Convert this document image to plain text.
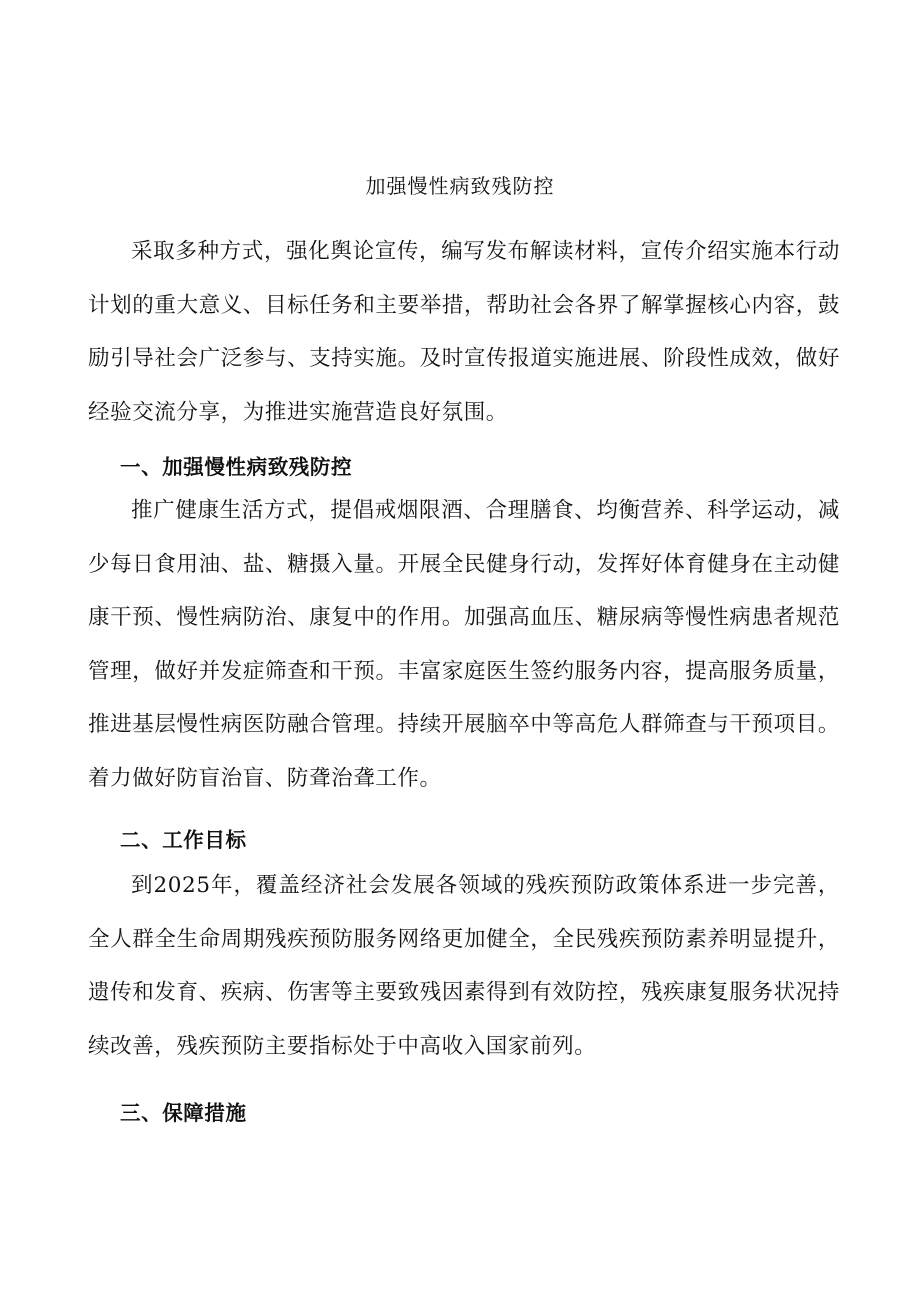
加强慢性病致残防控

采取多种方式，强化舆论宣传，编写发布解读材料，宣传介绍实施本行动计划的重大意义、目标任务和主要举措，帮助社会各界了解掌握核心内容，鼓励引导社会广泛参与、支持实施。及时宣传报道实施进展、阶段性成效，做好经验交流分享，为推进实施营造良好氛围。

一、加强慢性病致残防控

推广健康生活方式，提倡戒烟限酒、合理膳食、均衡营养、科学运动，减少每日食用油、盐、糖摄入量。开展全民健身行动，发挥好体育健身在主动健康干预、慢性病防治、康复中的作用。加强高血压、糖尿病等慢性病患者规范管理，做好并发症筛查和干预。丰富家庭医生签约服务内容，提高服务质量，推进基层慢性病医防融合管理。持续开展脑卒中等高危人群筛查与干预项目。着力做好防盲治盲、防聋治聋工作。

二、工作目标

到2025年，覆盖经济社会发展各领域的残疾预防政策体系进一步完善，全人群全生命周期残疾预防服务网络更加健全，全民残疾预防素养明显提升，遗传和发育、疾病、伤害等主要致残因素得到有效防控，残疾康复服务状况持续改善，残疾预防主要指标处于中高收入国家前列。

三、保障措施
